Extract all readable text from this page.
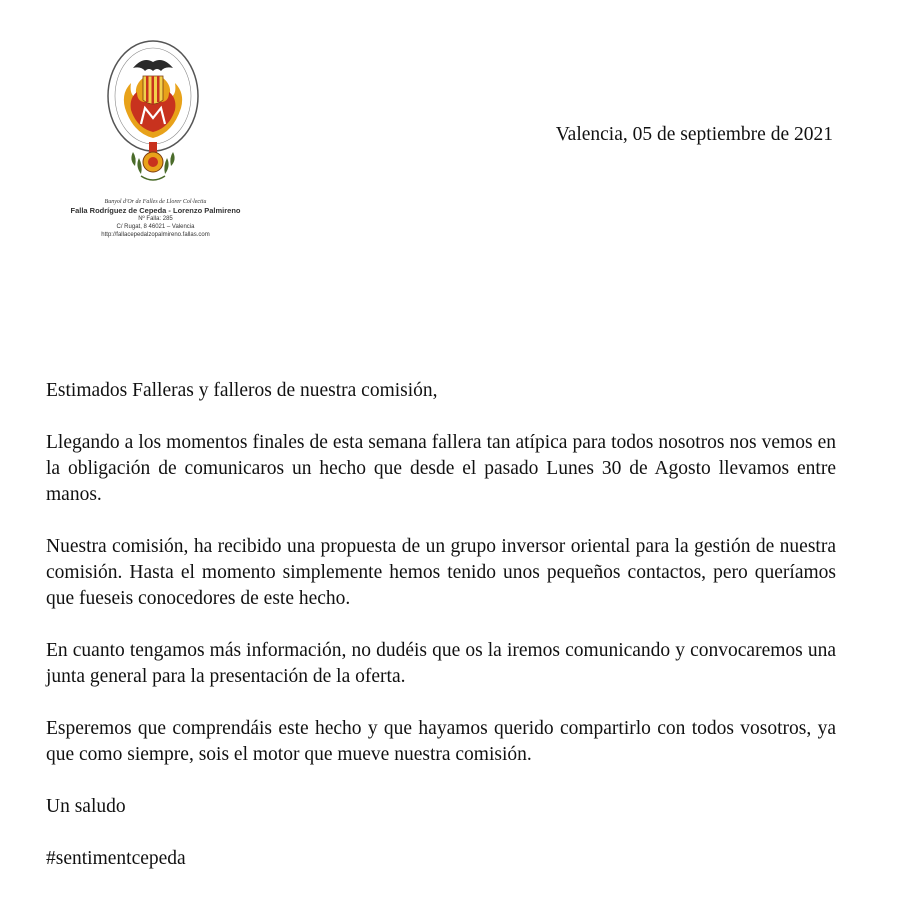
Bunyol d'Or de Falles de Llorer Col·lectiu
Falla Rodríguez de Cepeda - Lorenzo Palmireno
Nº Falla: 285
C/ Rugat, 8 46021 – Valencia
http://fallacepedalzopalmireno.fallas.com
Valencia, 05 de septiembre de 2021

Estimados Falleras y falleros de nuestra comisión,

Llegando a los momentos finales de esta semana fallera tan atípica para todos nosotros nos vemos en la obligación de comunicaros un hecho que desde el pasado Lunes 30 de Agosto llevamos entre manos.

Nuestra comisión, ha recibido una propuesta de un grupo inversor oriental para la gestión de nuestra comisión. Hasta el momento simplemente hemos tenido unos pequeños contactos, pero queríamos que fueseis conocedores de este hecho.

En cuanto tengamos más información, no dudéis que os la iremos comunicando y convocaremos una junta general para la presentación de la oferta.

Esperemos que comprendáis este hecho y que hayamos querido compartirlo con todos vosotros, ya que como siempre, sois el motor que mueve nuestra comisión.

Un saludo

#sentimentcepeda
